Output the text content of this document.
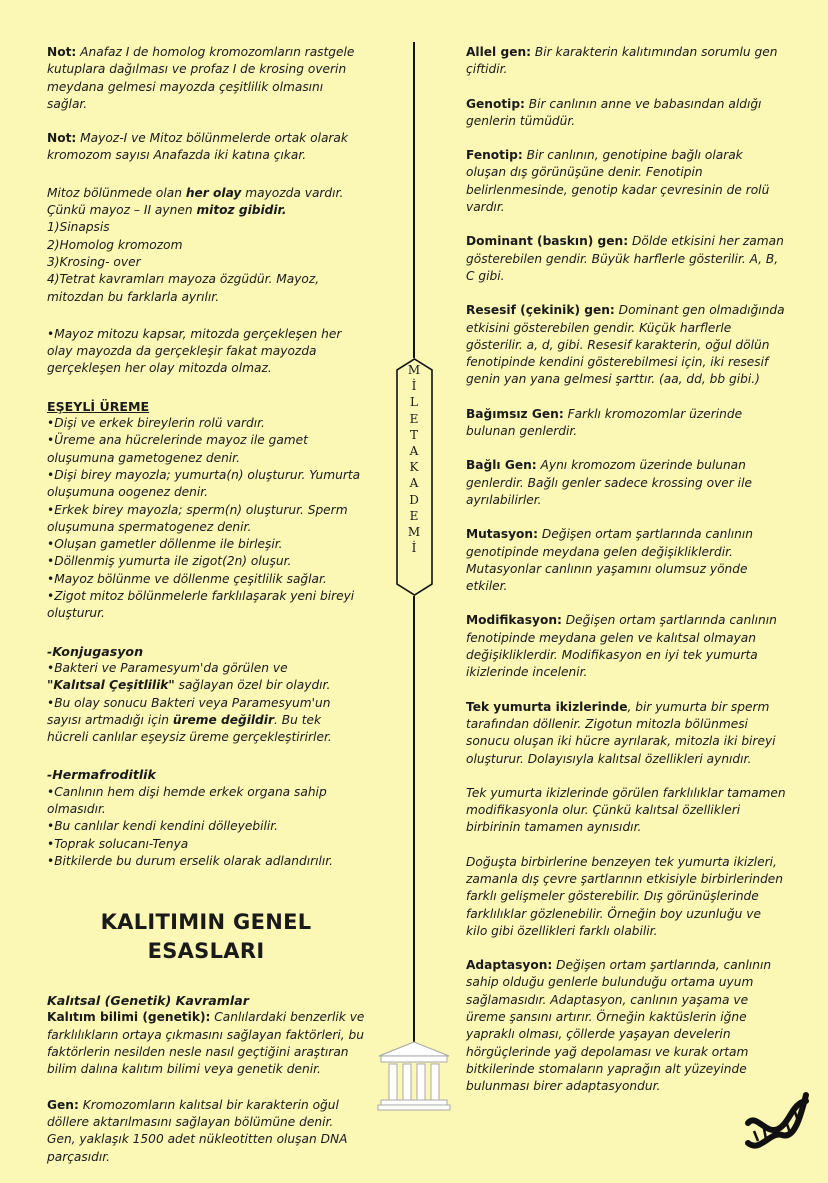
Not: Anafaz I de homolog kromozomların rastgele kutuplara dağılması ve profaz I de krosing overin meydana gelmesi mayozda çeşitlilik olmasını sağlar.
Not: Mayoz-I ve Mitoz bölünmelerde ortak olarak kromozom sayısı Anafazda iki katına çıkar.

Mitoz bölünmede olan her olay mayozda vardır.

Çünkü mayoz – II aynen mitoz gibidir.

1)Sinapsis

2)Homolog kromozom

3)Krosing- over

4)Tetrat kavramları mayoza özgüdür. Mayoz, mitozdan bu farklarla ayrılır.

•Mayoz mitozu kapsar, mitozda gerçekleşen her olay mayozda da gerçekleşir fakat mayozda gerçekleşen her olay mitozda olmaz.

EŞEYLİ ÜREME

•Dişi ve erkek bireylerin rolü vardır.

•Üreme ana hücrelerinde mayoz ile gamet oluşumuna gametogenez denir.

•Dişi birey mayozla; yumurta(n) oluşturur. Yumurta oluşumuna oogenez denir.

•Erkek birey mayozla; sperm(n) oluşturur. Sperm oluşumuna spermatogenez denir.

•Oluşan gametler döllenme ile birleşir.

•Döllenmiş yumurta ile zigot(2n) oluşur.

•Mayoz bölünme ve döllenme çeşitlilik sağlar.

•Zigot mitoz bölünmelerle farklılaşarak yeni bireyi oluşturur.

-Konjugasyon

•Bakteri ve Paramesyum'da görülen ve

"Kalıtsal Çeşitlilik" sağlayan özel bir olaydır.

•Bu olay sonucu Bakteri veya Paramesyum'un sayısı artmadığı için üreme değildir. Bu tek hücreli canlılar eşeysiz üreme gerçekleştirirler.

-Hermafroditlik

•Canlının hem dişi hemde erkek organa sahip olmasıdır.

•Bu canlılar kendi kendini dölleyebilir.

•Toprak solucanı-Tenya

•Bitkilerde bu durum erselik olarak adlandırılır.

KALITIMIN GENEL
ESASLARI

Kalıtsal (Genetik) Kavramlar

Kalıtım bilimi (genetik): Canlılardaki benzerlik ve farklılıkların ortaya çıkmasını sağlayan faktörleri, bu faktörlerin nesilden nesle nasıl geçtiğini araştıran bilim dalına kalıtım bilimi veya genetik denir.

Gen: Kromozomların kalıtsal bir karakterin oğul döllere aktarılmasını sağlayan bölümüne denir. Gen, yaklaşık 1500 adet nükleotitten oluşan DNA parçasıdır.
M
İ
L
E
T
A
K
A
D
E
M
İ
Allel gen: Bir karakterin kalıtımından sorumlu gen çiftidir.
Genotip: Bir canlının anne ve babasından aldığı genlerin tümüdür.
Fenotip: Bir canlının, genotipine bağlı olarak oluşan dış görünüşüne denir. Fenotipin belirlenmesinde, genotip kadar çevresinin de rolü vardır.
Dominant (baskın) gen: Dölde etkisini her zaman gösterebilen gendir. Büyük harflerle gösterilir. A, B, C gibi.
Resesif (çekinik) gen: Dominant gen olmadığında etkisini gösterebilen gendir. Küçük harflerle gösterilir. a, d, gibi. Resesif karakterin, oğul dölün fenotipinde kendini gösterebilmesi için, iki resesif genin yan yana gelmesi şarttır. (aa, dd, bb gibi.)
Bağımsız Gen: Farklı kromozomlar üzerinde bulunan genlerdir.
Bağlı Gen: Aynı kromozom üzerinde bulunan genlerdir. Bağlı genler sadece krossing over ile ayrılabilirler.
Mutasyon: Değişen ortam şartlarında canlının genotipinde meydana gelen değişikliklerdir. Mutasyonlar canlının yaşamını olumsuz yönde etkiler.
Modifikasyon: Değişen ortam şartlarında canlının fenotipinde meydana gelen ve kalıtsal olmayan değişikliklerdir. Modifikasyon en iyi tek yumurta ikizlerinde incelenir.
Tek yumurta ikizlerinde, bir yumurta bir sperm tarafından döllenir. Zigotun mitozla bölünmesi sonucu oluşan iki hücre ayrılarak, mitozla iki bireyi oluşturur. Dolayısıyla kalıtsal özellikleri aynıdır.
Tek yumurta ikizlerinde görülen farklılıklar tamamen modifikasyonla olur. Çünkü kalıtsal özellikleri birbirinin tamamen aynısıdır.
Doğuşta birbirlerine benzeyen tek yumurta ikizleri, zamanla dış çevre şartlarının etkisiyle birbirlerinden farklı gelişmeler gösterebilir. Dış görünüşlerinde farklılıklar gözlenebilir. Örneğin boy uzunluğu ve kilo gibi özellikleri farklı olabilir.
Adaptasyon: Değişen ortam şartlarında, canlının sahip olduğu genlerle bulunduğu ortama uyum sağlamasıdır. Adaptasyon, canlının yaşama ve üreme şansını artırır. Örneğin kaktüslerin iğne yapraklı olması, çöllerde yaşayan develerin hörgüçlerinde yağ depolaması ve kurak ortam bitkilerinde stomaların yaprağın alt yüzeyinde bulunması birer adaptasyondur.
